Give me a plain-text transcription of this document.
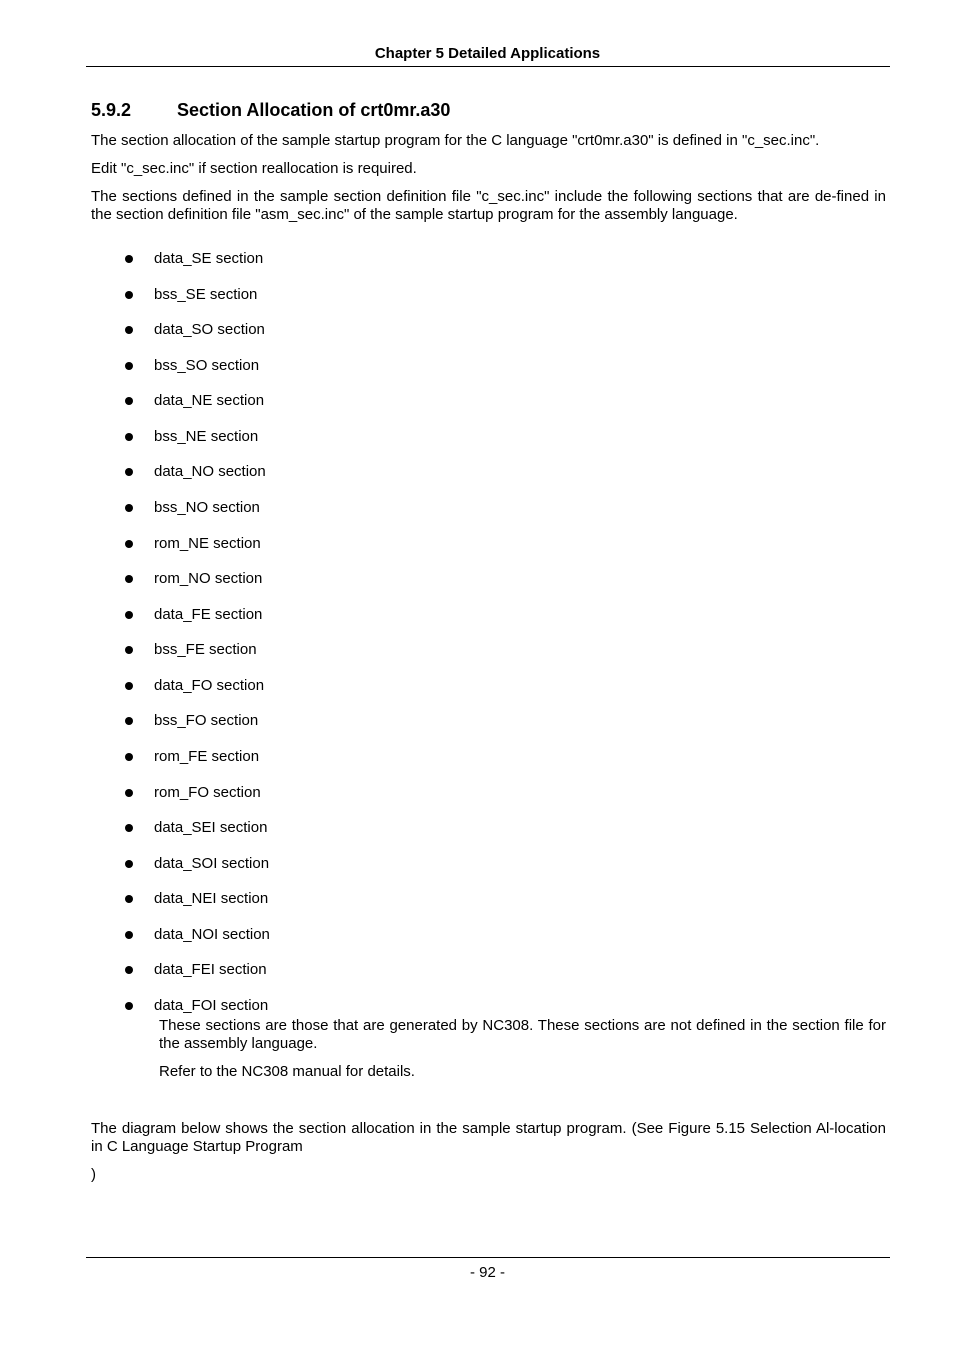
Chapter 5 Detailed Applications
5.9.2	Section Allocation of crt0mr.a30

The section allocation of the sample startup program for the C language "crt0mr.a30" is defined in "c_sec.inc".

Edit "c_sec.inc" if section reallocation is required.

The sections defined in the sample section definition file "c_sec.inc" include the following sections that are de-fined in the section definition file "asm_sec.inc" of the sample startup program for the assembly language.

data_SE section
bss_SE section
data_SO section
bss_SO section
data_NE section
bss_NE section
data_NO section
bss_NO section
rom_NE section
rom_NO section
data_FE section
bss_FE section
data_FO section
bss_FO section
rom_FE section
rom_FO section
data_SEI section
data_SOI section
data_NEI section
data_NOI section
data_FEI section
data_FOI section

These sections are those that are generated by NC308. These sections are not defined in the section file for the assembly language.

Refer to the NC308 manual for details.

The diagram below shows the section allocation in the sample startup program. (See Figure 5.15 Selection Al-location in C Language Startup Program

)

- 92 -
